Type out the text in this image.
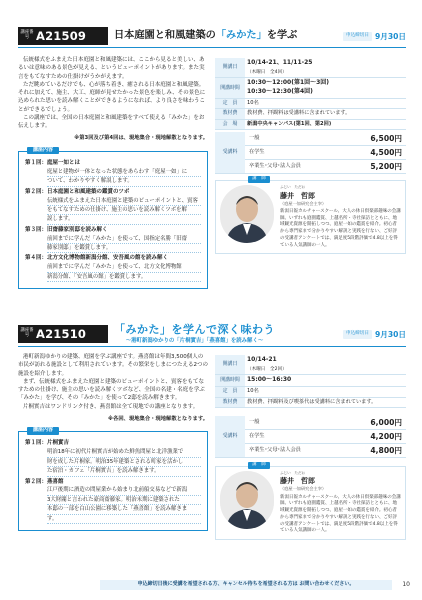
講座番号 A21509	日本庭園と和風建築の「みかた」を学ぶ	申込締切日 9月30日

伝統様式をふまえた日本庭園と和風建築には、ここから見ると美しい、あるいは意味のある景色が見える、というビューポイントがあります。また実言をもてなすための仕掛けがうかがえます。

ただ眺めているだけでも、心が落ち着き、癒される日本庭園と和風建築。それに加えて、施主、大工、庭師が見せたかった景色を楽しみ、その景色に込められた思いを読み解くことができるようになれば、より良さを味わうことができるでしょう。

この講座では、全国の日本庭園と和風建築をすべて使える「みかた」をお伝えします。

※第3回及び第4回は、現地集合・現地解散となります。
講座内容
第１回：庭屋一如とは
庭屋と建物が一体となった状態をあらわす「庭屋一如」に
ついて、わかりやすく解説します。
第２回：日本庭園と和風建築の鑑賞のツボ
伝統様式をふまえた日本庭園と建築のビューポイントと、賓客
をもてなすための仕掛け、施主の思いを読み解くツボを解
説します。
第３回：旧齋藤家別邸を読み解く
前回までに学んだ「みかた」を使って、国指定名勝「旧齋
藤家別邸」を鑑賞します。
第４回：北方文化博物館新潟分館、安吾風の館を読み解く
前回までに学んだ「みかた」を使って、北方文化博物館
新潟分館、「安吾風の館」を鑑賞します。
開講日	10/14-21、11/11-25
（木曜日　全4回）
開講時間	10:30～12:00(第1回～3回)
10:30～12:30(第4回)
定　員	10名
教材費	教材費、拝観料は受講料に含まれています。
会　場	新潟中央キャンパス(第1回、第2回)
受講料	一般	6,500円
	在学生	4,500円
	卒業生･父母･法人会員	5,200円
講　師
ふじい　ただお
藤井　哲郎
（庭屋一如研究会主宰）
新潟日報カルチャースクール、大人の休日倶楽部趣味の会講師。いずれも庭園鑑賞、上越名所・寺社探訪とともに、地域観光資源を開拓しつつ、庭屋一如の鑑賞を紹介。初心者から専門家まで分かりやすい解説と実践を行ない、ご好評の受講者アンケートでは、満足度5段階評価で4.8以上を得ている人気講師の一人。
講座番号 A21510	「みかた」を学んで深く味わう
～港町新潟ゆかりの「片桐實吉」「燕喜館」を読み解く～
申込締切日 9月30日

港町新潟ゆかりの建築、庭園を学ぶ講座です。燕喜館は年間3,500個人の市民が訪れる施設として利用されています。その繁栄をしまにつたえる2つの施設を紹介します。

まず、伝統様式をふまえた庭園と建築のビューポイントと、賓客をもてなすための仕掛け、施主の思いを読み解くツボなど、全国の名建・名庭を学ぶ「みかた」を学び、その「みかた」を使って2邸を読み解きます。

片桐實吉はワンドリンク付き、燕喜館は全て現地での講座となります。

※各回、現地集合・現地解散となります。
講座内容
第１回：片桐實吉
明治18年に初代片桐實吉が始めた鮮魚問屋と北洋漁業で
財を成した片桐家。明治35年建築とされる町家を活かし
た宿泊・カフェ「片桐實吉」を読み解きます。
第２回：燕喜館
江戸後期に酒造の問屋業から始まり北前船交易などで新潟
3大財閥と言われた豪商齋藤家。明治末期に建築された
本邸の一部を白山公園に移築した「燕喜館」を読み解きま
す。
開講日	10/14-21
（木曜日　全2回）
開講時間	15:00～16:30
定　員	10名
教材費	教材費、拝観料及び喫茶代は受講料に含まれています。
受講料	一般	6,000円
	在学生	4,200円
	卒業生･父母･法人会員	4,800円
講　師
ふじい　ただお
藤井　哲郎
（庭屋一如研究会主宰）
新潟日報カルチャースクール、大人の休日倶楽部趣味の会講師。いずれも庭園鑑賞、上越名所・寺社探訪とともに、地域観光資源を開拓しつつ、庭屋一如の鑑賞を紹介。初心者から専門家まで分かりやすい解説と実践を行ない、ご好評の受講者アンケートでは、満足度5段階評価で4.8以上を得ている人気講師の一人。
申込締切日後に受講を希望される方、キャンセル待ちを希望される方は お問い合わせください。	10
